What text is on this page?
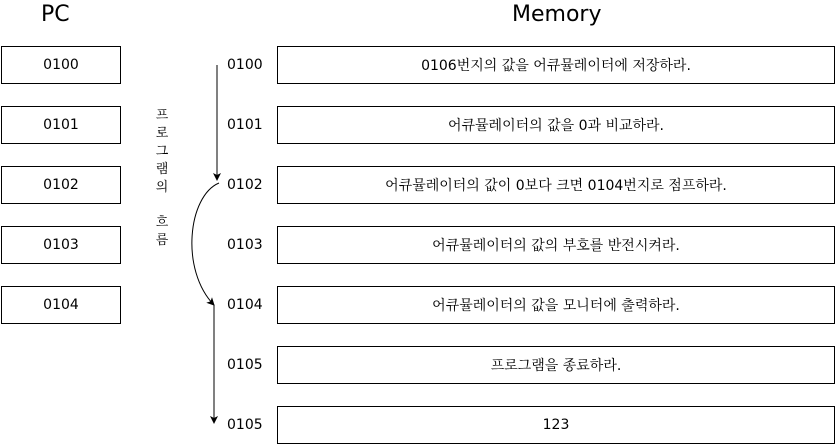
PC	Memory
0100
0101
0102
0103
0104
프
로
그
램
의
흐
름
0100
0101
0102
0103
0104
0105
0105
0106번지의 값을 어큐뮬레이터에 저장하라.
어큐뮬레이터의 값을 0과 비교하라.
어큐뮬레이터의 값이 0보다 크면 0104번지로 점프하라.
어큐뮬레이터의 값의 부호를 반전시켜라.
어큐뮬레이터의 값을 모니터에 출력하라.
프로그램을 종료하라.
123
